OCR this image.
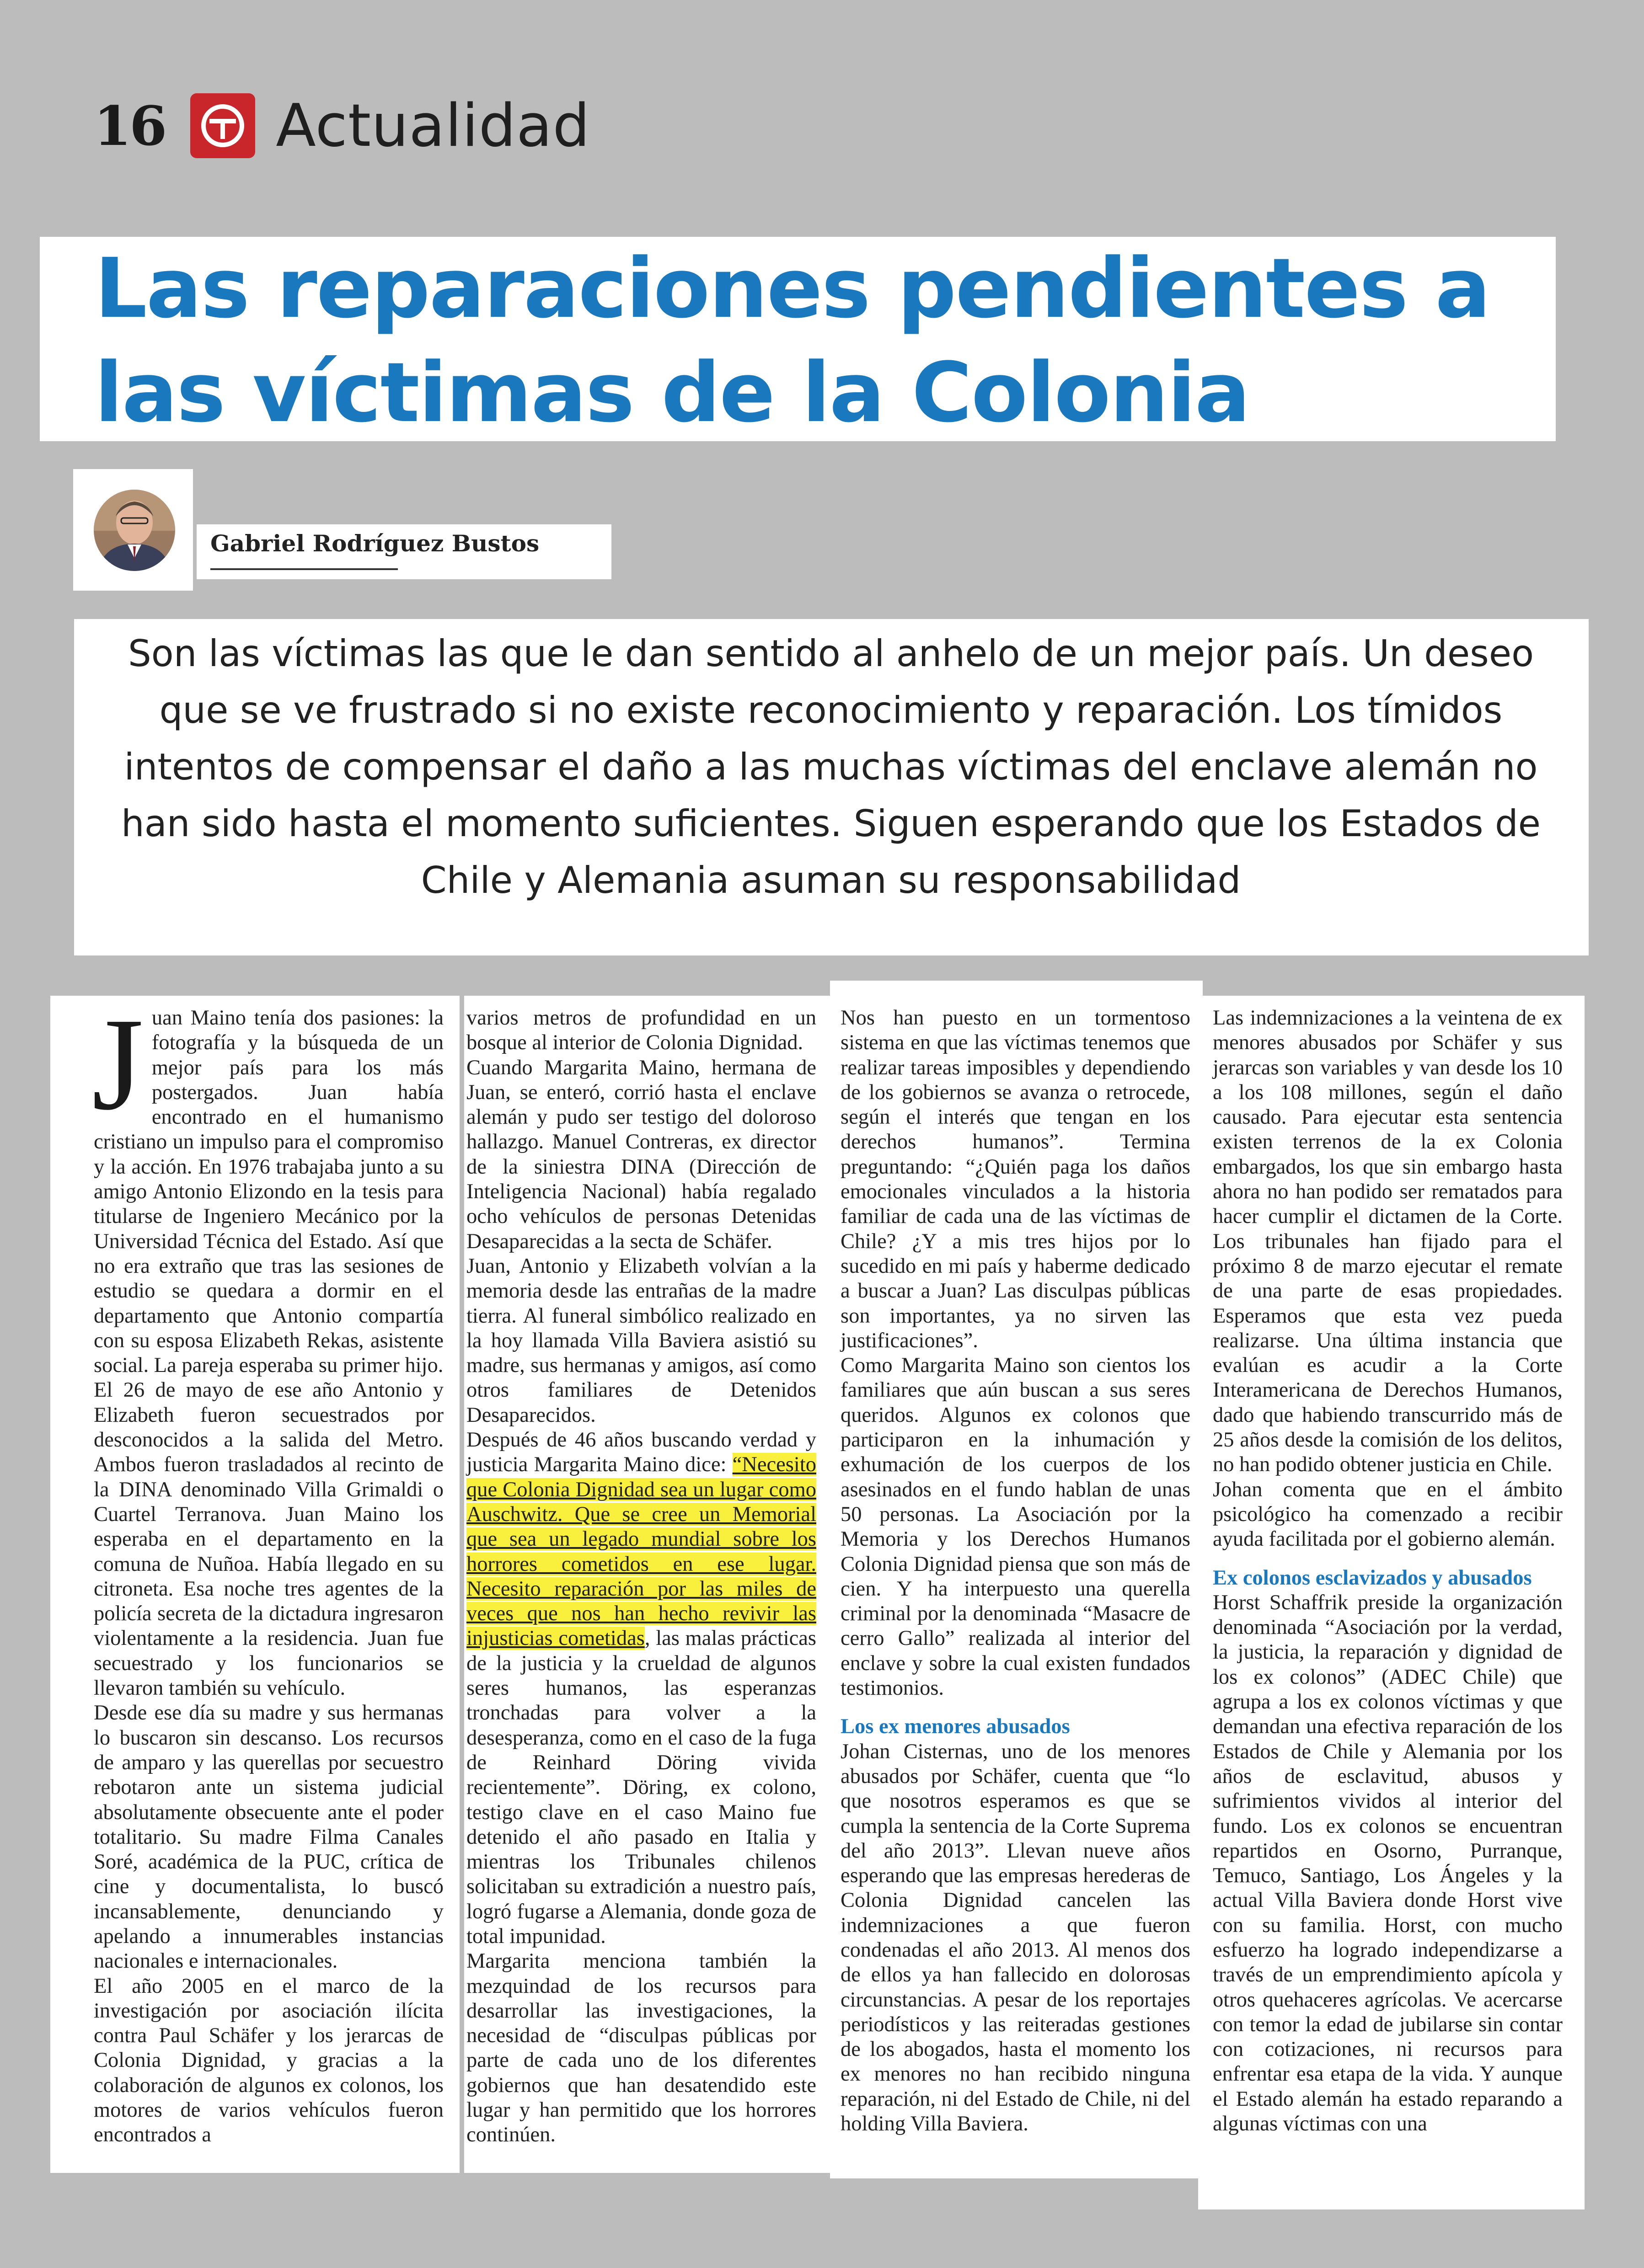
16 Actualidad
Las reparaciones pendientes a las víctimas de la Colonia
Gabriel Rodríguez Bustos

Son las víctimas las que le dan sentido al anhelo de un mejor país. Un deseo que se ve frustrado si no existe reconocimiento y reparación. Los tímidos intentos de compensar el daño a las muchas víctimas del enclave alemán no han sido hasta el momento suficientes. Siguen esperando que los Estados de Chile y Alemania asuman su responsabilidad

Juan Maino tenía dos pasiones: la fotografía y la búsqueda de un mejor país para los más postergados. Juan había encontrado en el humanismo cristiano un impulso para el compromiso y la acción. En 1976 trabajaba junto a su amigo Antonio Elizondo en la tesis para titularse de Ingeniero Mecánico por la Universidad Técnica del Estado. Así que no era extraño que tras las sesiones de estudio se quedara a dormir en el departamento que Antonio compartía con su esposa Elizabeth Rekas, asistente social. La pareja esperaba su primer hijo.

El 26 de mayo de ese año Antonio y Elizabeth fueron secuestrados por desconocidos a la salida del Metro. Ambos fueron trasladados al recinto de la DINA denominado Villa Grimaldi o Cuartel Terranova. Juan Maino los esperaba en el departamento en la comuna de Nuñoa. Había llegado en su citroneta. Esa noche tres agentes de la policía secreta de la dictadura ingresaron violentamente a la residencia. Juan fue secuestrado y los funcionarios se llevaron también su vehículo.

Desde ese día su madre y sus hermanas lo buscaron sin descanso. Los recursos de amparo y las querellas por secuestro rebotaron ante un sistema judicial absolutamente obsecuente ante el poder totalitario. Su madre Filma Canales Soré, académica de la PUC, crítica de cine y documentalista, lo buscó incansablemente, denunciando y apelando a innumerables instancias nacionales e internacionales.

El año 2005 en el marco de la investigación por asociación ilícita contra Paul Schäfer y los jerarcas de Colonia Dignidad, y gracias a la colaboración de algunos ex colonos, los motores de varios vehículos fueron encontrados a

varios metros de profundidad en un bosque al interior de Colonia Dignidad.

Cuando Margarita Maino, hermana de Juan, se enteró, corrió hasta el enclave alemán y pudo ser testigo del doloroso hallazgo. Manuel Contreras, ex director de la siniestra DINA (Dirección de Inteligencia Nacional) había regalado ocho vehículos de personas Detenidas Desaparecidas a la secta de Schäfer.

Juan, Antonio y Elizabeth volvían a la memoria desde las entrañas de la madre tierra. Al funeral simbólico realizado en la hoy llamada Villa Baviera asistió su madre, sus hermanas y amigos, así como otros familiares de Detenidos Desaparecidos.

Después de 46 años buscando verdad y justicia Margarita Maino dice: “Necesito que Colonia Dignidad sea un lugar como Auschwitz. Que se cree un Memorial que sea un legado mundial sobre los horrores cometidos en ese lugar. Necesito reparación por las miles de veces que nos han hecho revivir las injusticias cometidas, las malas prácticas de la justicia y la crueldad de algunos seres humanos, las esperanzas tronchadas para volver a la desesperanza, como en el caso de la fuga de Reinhard Döring vivida recientemente”. Döring, ex colono, testigo clave en el caso Maino fue detenido el año pasado en Italia y mientras los Tribunales chilenos solicitaban su extradición a nuestro país, logró fugarse a Alemania, donde goza de total impunidad.

Margarita menciona también la mezquindad de los recursos para desarrollar las investigaciones, la necesidad de “disculpas públicas por parte de cada uno de los diferentes gobiernos que han desatendido este lugar y han permitido que los horrores continúen.

Nos han puesto en un tormentoso sistema en que las víctimas tenemos que realizar tareas imposibles y dependiendo de los gobiernos se avanza o retrocede, según el interés que tengan en los derechos humanos”. Termina preguntando: “¿Quién paga los daños emocionales vinculados a la historia familiar de cada una de las víctimas de Chile? ¿Y a mis tres hijos por lo sucedido en mi país y haberme dedicado a buscar a Juan? Las disculpas públicas son importantes, ya no sirven las justificaciones”.

Como Margarita Maino son cientos los familiares que aún buscan a sus seres queridos. Algunos ex colonos que participaron en la inhumación y exhumación de los cuerpos de los asesinados en el fundo hablan de unas 50 personas. La Asociación por la Memoria y los Derechos Humanos Colonia Dignidad piensa que son más de cien. Y ha interpuesto una querella criminal por la denominada “Masacre de cerro Gallo” realizada al interior del enclave y sobre la cual existen fundados testimonios.

Los ex menores abusados

Johan Cisternas, uno de los menores abusados por Schäfer, cuenta que “lo que nosotros esperamos es que se cumpla la sentencia de la Corte Suprema del año 2013”. Llevan nueve años esperando que las empresas herederas de Colonia Dignidad cancelen las indemnizaciones a que fueron condenadas el año 2013. Al menos dos de ellos ya han fallecido en dolorosas circunstancias. A pesar de los reportajes periodísticos y las reiteradas gestiones de los abogados, hasta el momento los ex menores no han recibido ninguna reparación, ni del Estado de Chile, ni del holding Villa Baviera.

Las indemnizaciones a la veintena de ex menores abusados por Schäfer y sus jerarcas son variables y van desde los 10 a los 108 millones, según el daño causado. Para ejecutar esta sentencia existen terrenos de la ex Colonia embargados, los que sin embargo hasta ahora no han podido ser rematados para hacer cumplir el dictamen de la Corte. Los tribunales han fijado para el próximo 8 de marzo ejecutar el remate de una parte de esas propiedades. Esperamos que esta vez pueda realizarse. Una última instancia que evalúan es acudir a la Corte Interamericana de Derechos Humanos, dado que habiendo transcurrido más de 25 años desde la comisión de los delitos, no han podido obtener justicia en Chile.

Johan comenta que en el ámbito psicológico ha comenzado a recibir ayuda facilitada por el gobierno alemán.

Ex colonos esclavizados y abusados

Horst Schaffrik preside la organización denominada “Asociación por la verdad, la justicia, la reparación y dignidad de los ex colonos” (ADEC Chile) que agrupa a los ex colonos víctimas y que demandan una efectiva reparación de los Estados de Chile y Alemania por los años de esclavitud, abusos y sufrimientos vividos al interior del fundo. Los ex colonos se encuentran repartidos en Osorno, Purranque, Temuco, Santiago, Los Ángeles y la actual Villa Baviera donde Horst vive con su familia. Horst, con mucho esfuerzo ha logrado independizarse a través de un emprendimiento apícola y otros quehaceres agrícolas. Ve acercarse con temor la edad de jubilarse sin contar con cotizaciones, ni recursos para enfrentar esa etapa de la vida. Y aunque el Estado alemán ha estado reparando a algunas víctimas con una
